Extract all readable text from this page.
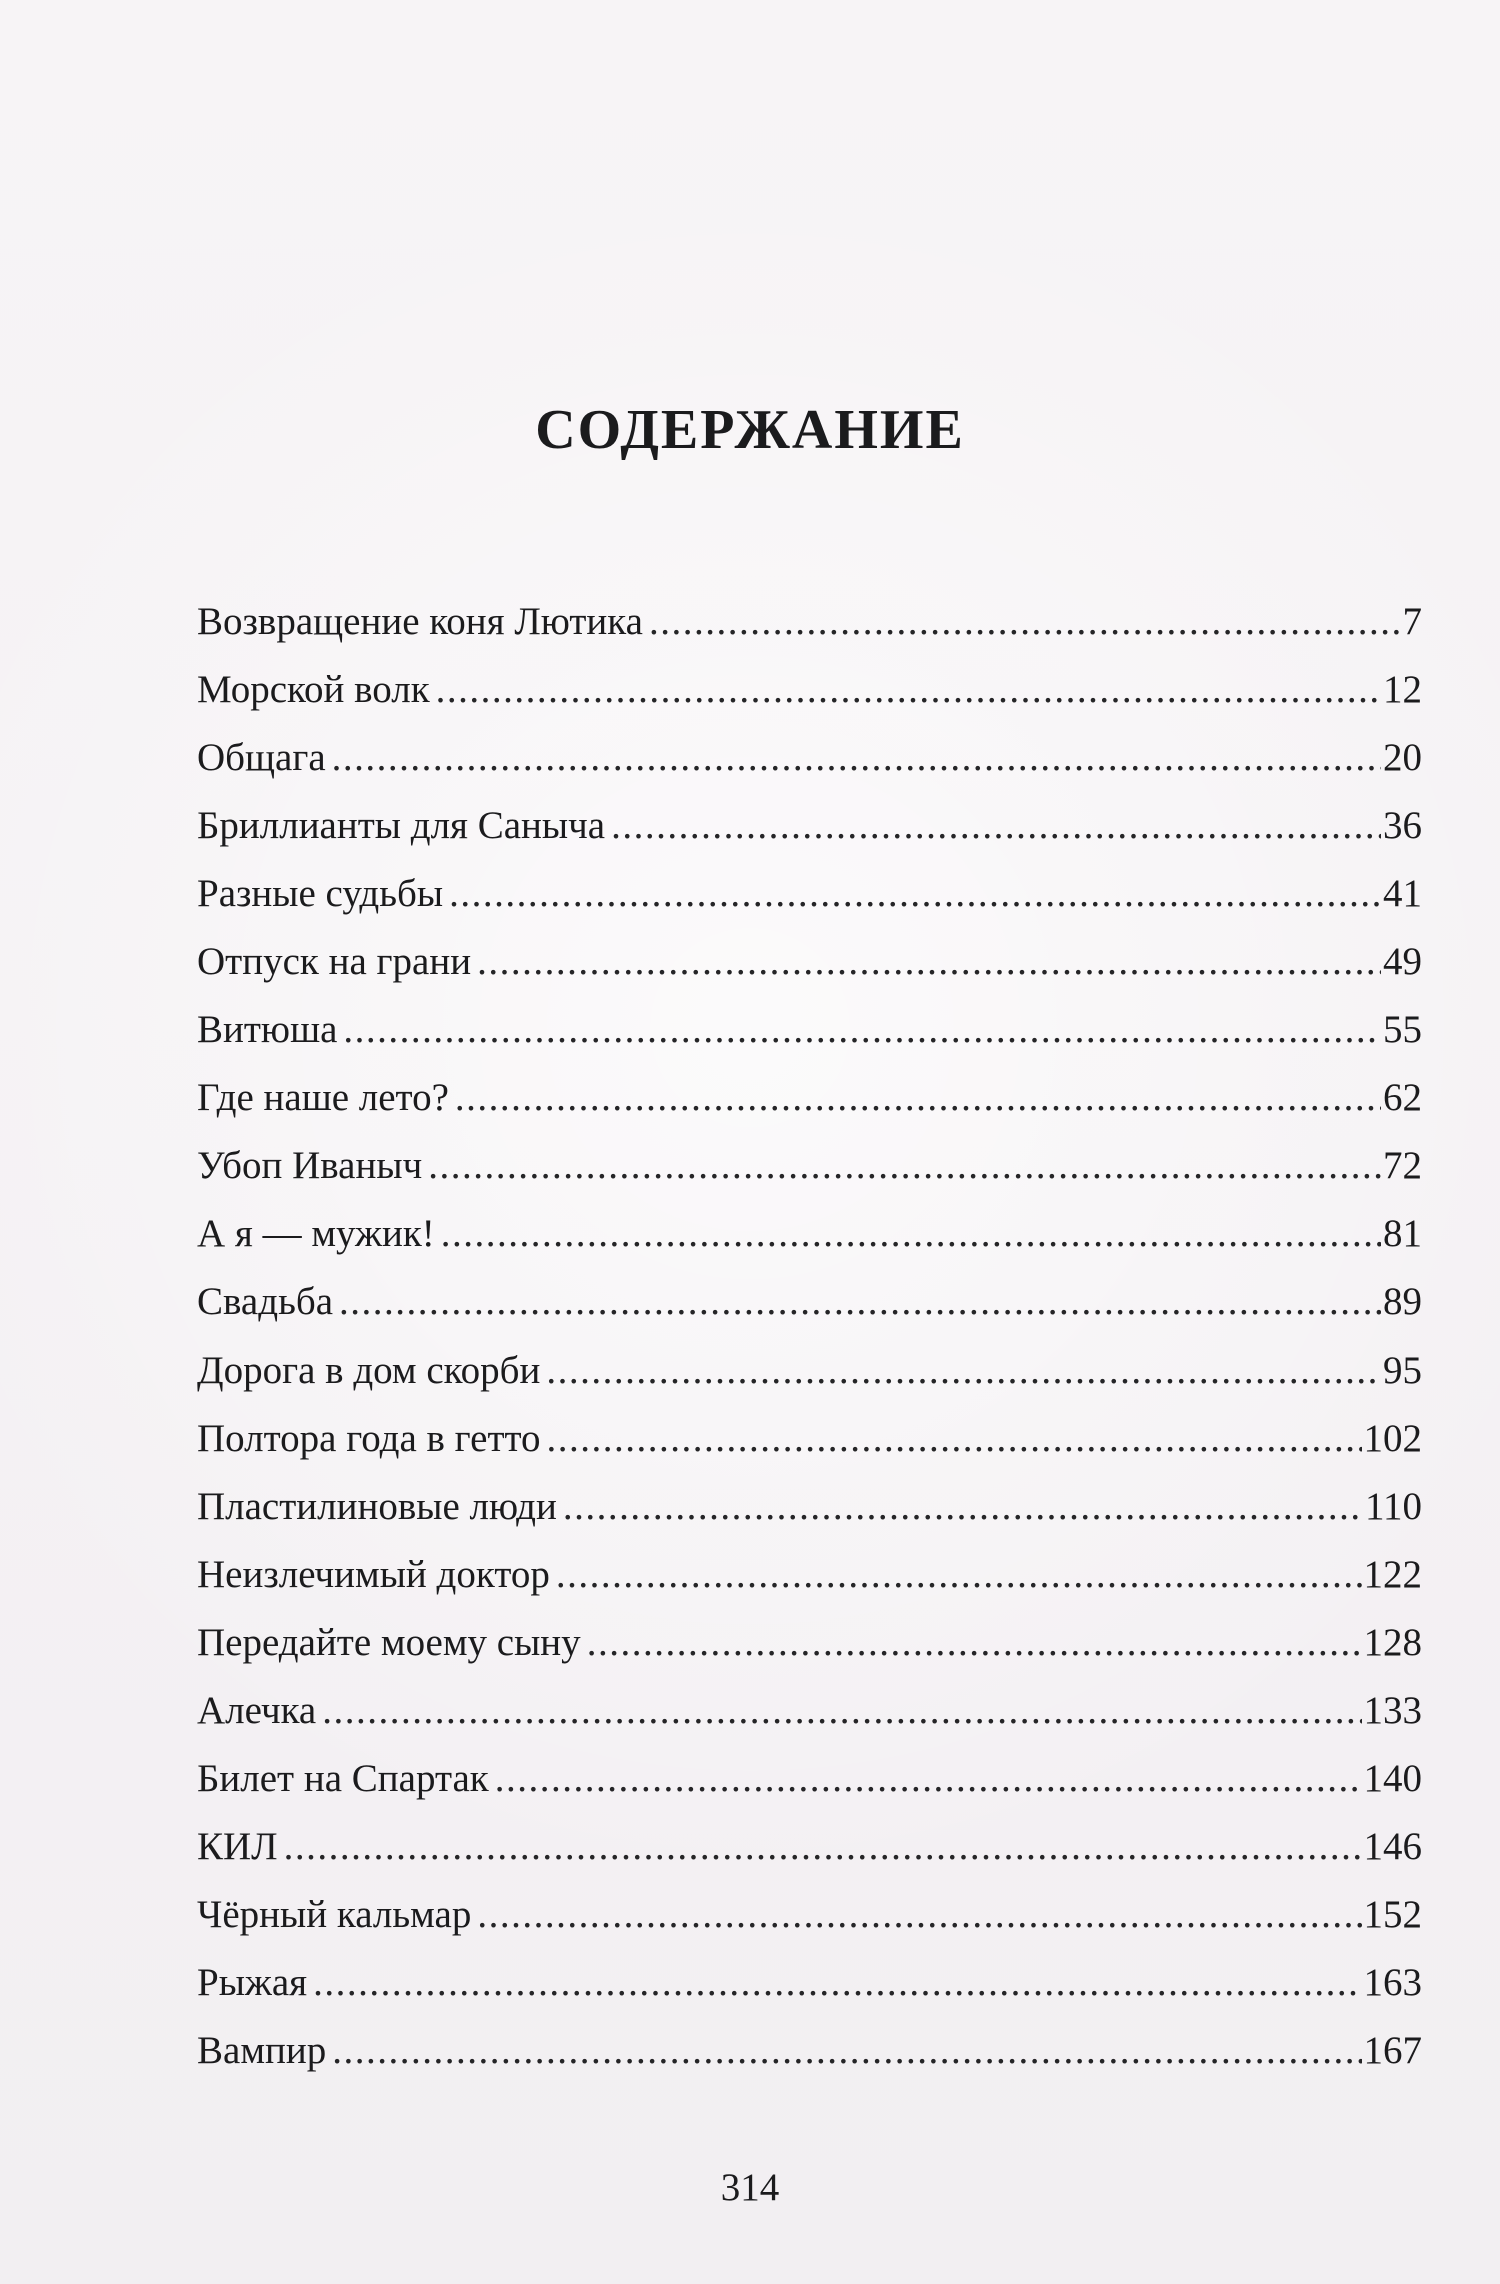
СОДЕРЖАНИЕ
Возвращение коня Лютика .....	7
Морской волк .....	12
Общага .....	20
Бриллианты для Саныча .....	36
Разные судьбы .....	41
Отпуск на грани .....	49
Витюша .....	55
Где наше лето? .....	62
Убоп Иваныч .....	72
А я — мужик! .....	81
Свадьба .....	89
Дорога в дом скорби .....	95
Полтора года в гетто .....	102
Пластилиновые люди .....	110
Неизлечимый доктор .....	122
Передайте моему сыну .....	128
Алечка .....	133
Билет на Спартак .....	140
КИЛ .....	146
Чёрный кальмар .....	152
Рыжая .....	163
Вампир .....	167
314
